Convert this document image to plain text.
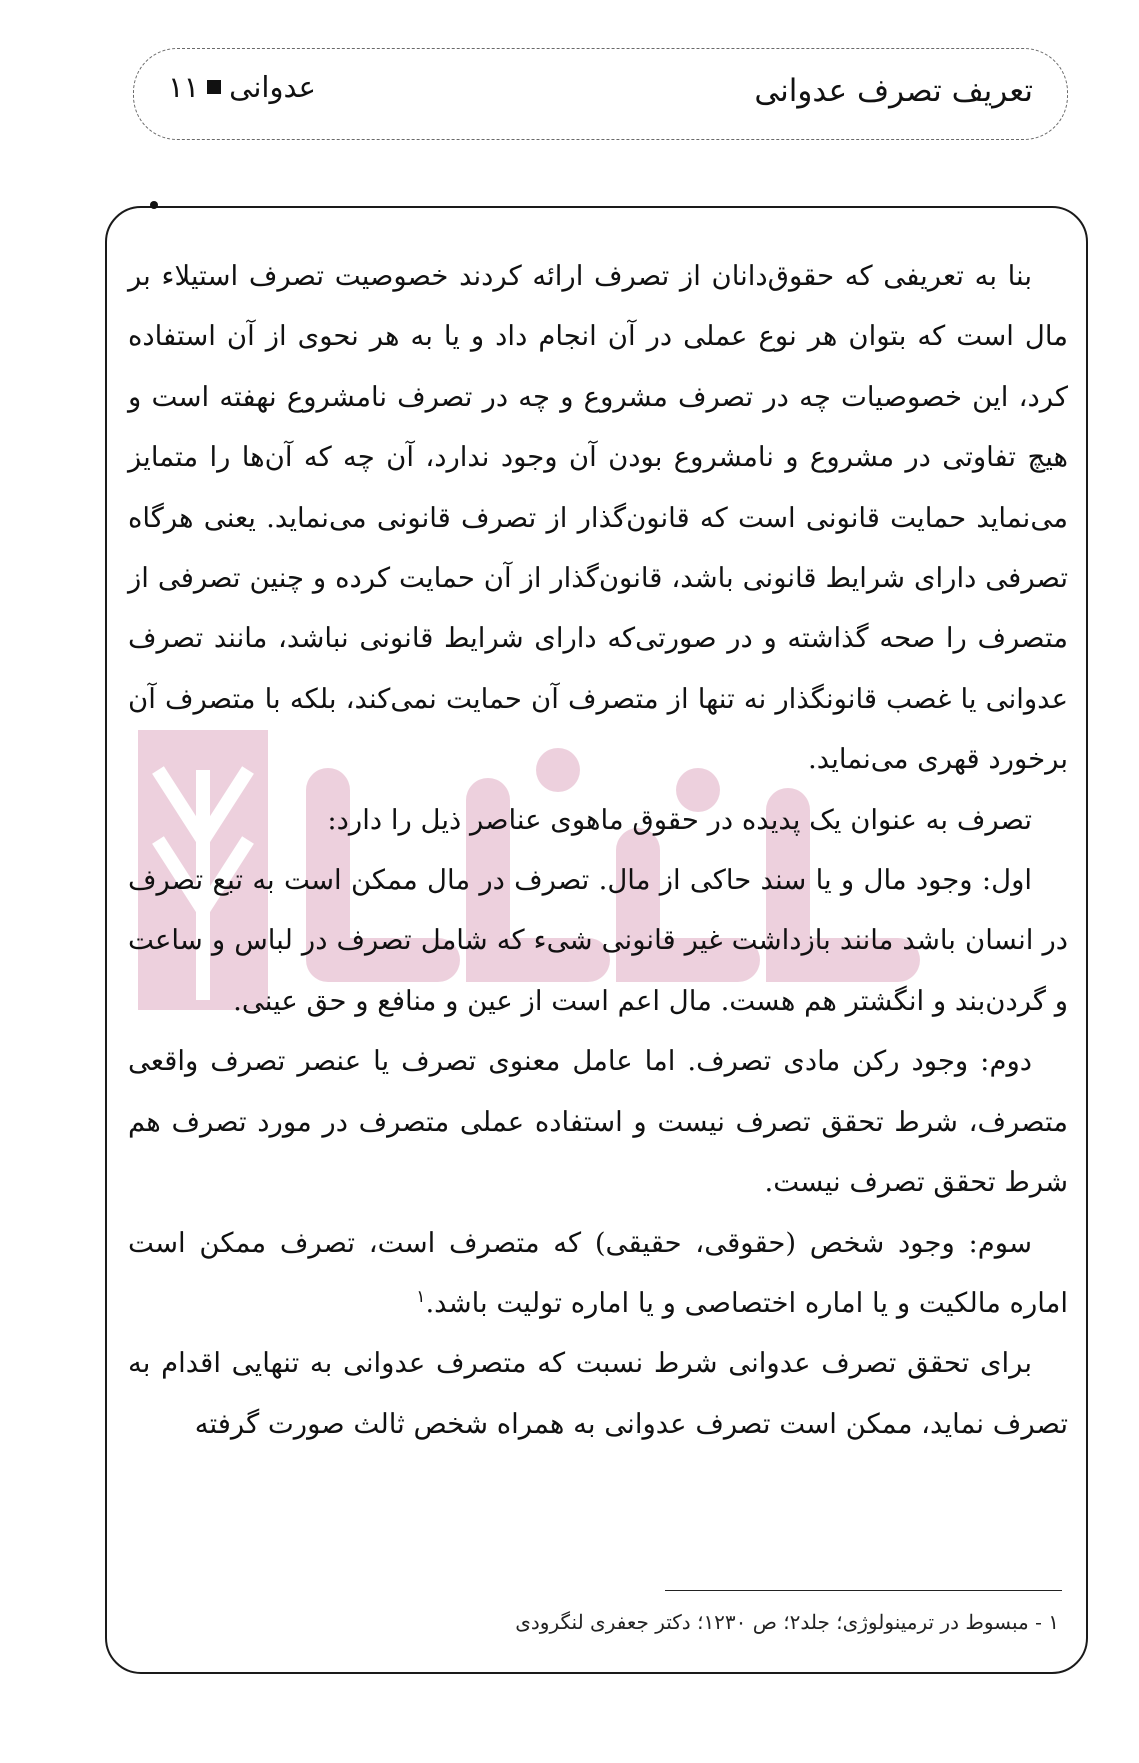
تعریف تصرف عدوانی
عدوانی
۱۱

بنا به تعریفی که حقوق‌دانان از تصرف ارائه کردند خصوصیت تصرف استیلاء بر مال است که بتوان هر نوع عملی در آن انجام داد و یا به هر نحوی از آن استفاده کرد، این خصوصیات چه در تصرف مشروع و چه در تصرف نامشروع نهفته است و هیچ تفاوتی در مشروع و نامشروع بودن آن وجود ندارد، آن چه که آن‌ها را متمایز می‌نماید حمایت قانونی است که قانون‌گذار از تصرف قانونی می‌نماید. یعنی هرگاه تصرفی دارای شرایط قانونی باشد، قانون‌گذار از آن حمایت کرده و چنین تصرفی از متصرف را صحه گذاشته و در صورتی‌که دارای شرایط قانونی نباشد، مانند تصرف عدوانی یا غصب قانونگذار نه تنها از متصرف آن حمایت نمی‌کند، بلکه با متصرف آن برخورد قهری می‌نماید.

تصرف به عنوان یک پدیده در حقوق ماهوی عناصر ذیل را دارد:

اول: وجود مال و یا سند حاکی از مال. تصرف در مال ممکن است به تبع تصرف در انسان باشد مانند بازداشت غیر قانونی شیء که شامل تصرف در لباس و ساعت و گردن‌بند و انگشتر هم هست. مال اعم است از عین و منافع و حق عینی.

دوم: وجود رکن مادی تصرف. اما عامل معنوی تصرف یا عنصر تصرف واقعی متصرف، شرط تحقق تصرف نیست و استفاده عملی متصرف در مورد تصرف هم شرط تحقق تصرف نیست.

سوم: وجود شخص (حقوقی، حقیقی) که متصرف است، تصرف ممکن است اماره مالکیت و یا اماره اختصاصی و یا اماره تولیت باشد.$^۱$

برای تحقق تصرف عدوانی شرط نسبت که متصرف عدوانی به تنهایی اقدام به تصرف نماید، ممکن است تصرف عدوانی به همراه شخص ثالث صورت گرفته

۱ - مبسوط در ترمینولوژی؛ جلد۲؛ ص ۱۲۳۰؛ دکتر جعفری لنگرودی
